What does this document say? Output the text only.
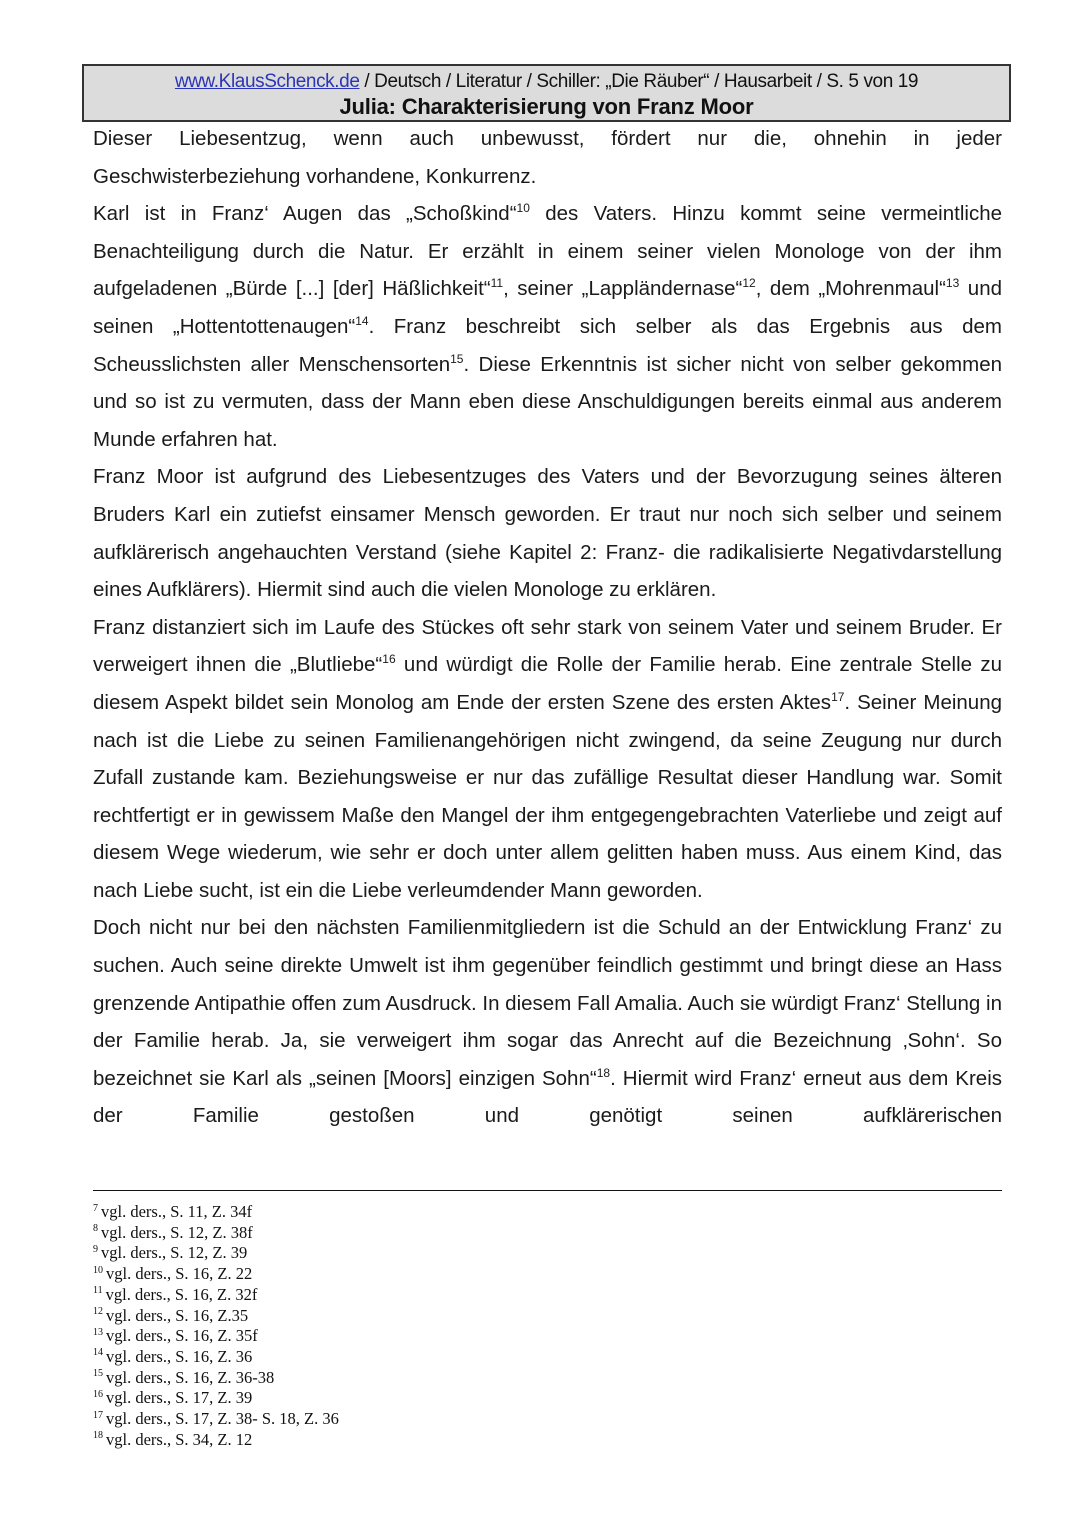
www.KlausSchenck.de / Deutsch / Literatur / Schiller: „Die Räuber“ / Hausarbeit / S. 5 von 19
Julia: Charakterisierung von Franz Moor

Dieser Liebesentzug, wenn auch unbewusst, fördert nur die, ohnehin in jeder Geschwisterbeziehung vorhandene, Konkurrenz.

Karl ist in Franz‘ Augen das „Schoßkind“$^{10}$ des Vaters. Hinzu kommt seine vermeintliche Benachteiligung durch die Natur. Er erzählt in einem seiner vielen Monologe von der ihm aufgeladenen „Bürde [...] [der] Häßlichkeit“$^{11}$, seiner „Lappländernase“$^{12}$, dem „Mohrenmaul“$^{13}$ und seinen „Hottentottenaugen“$^{14}$. Franz beschreibt sich selber als das Ergebnis aus dem Scheusslichsten aller Menschensorten$^{15}$. Diese Erkenntnis ist sicher nicht von selber gekommen und so ist zu vermuten, dass der Mann eben diese Anschuldigungen bereits einmal aus anderem Munde erfahren hat.

Franz Moor ist aufgrund des Liebesentzuges des Vaters und der Bevorzugung seines älteren Bruders Karl ein zutiefst einsamer Mensch geworden. Er traut nur noch sich selber und seinem aufklärerisch angehauchten Verstand (siehe Kapitel 2: Franz- die radikalisierte Negativdarstellung eines Aufklärers). Hiermit sind auch die vielen Monologe zu erklären.

Franz distanziert sich im Laufe des Stückes oft sehr stark von seinem Vater und seinem Bruder. Er verweigert ihnen die „Blutliebe“$^{16}$ und würdigt die Rolle der Familie herab. Eine zentrale Stelle zu diesem Aspekt bildet sein Monolog am Ende der ersten Szene des ersten Aktes$^{17}$. Seiner Meinung nach ist die Liebe zu seinen Familienangehörigen nicht zwingend, da seine Zeugung nur durch Zufall zustande kam. Beziehungsweise er nur das zufällige Resultat dieser Handlung war. Somit rechtfertigt er in gewissem Maße den Mangel der ihm entgegengebrachten Vaterliebe und zeigt auf diesem Wege wiederum, wie sehr er doch unter allem gelitten haben muss. Aus einem Kind, das nach Liebe sucht, ist ein die Liebe verleumdender Mann geworden.

Doch nicht nur bei den nächsten Familienmitgliedern ist die Schuld an der Entwicklung Franz‘ zu suchen. Auch seine direkte Umwelt ist ihm gegenüber feindlich gestimmt und bringt diese an Hass grenzende Antipathie offen zum Ausdruck. In diesem Fall Amalia. Auch sie würdigt Franz‘ Stellung in der Familie herab. Ja, sie verweigert ihm sogar das Anrecht auf die Bezeichnung ‚Sohn‘. So bezeichnet sie Karl als „seinen [Moors] einzigen Sohn“$^{18}$. Hiermit wird Franz‘ erneut aus dem Kreis der Familie gestoßen und genötigt seinen aufklärerischen

$^7$ vgl. ders., S. 11, Z. 34f
$^8$ vgl. ders., S. 12, Z. 38f
$^9$ vgl. ders., S. 12, Z. 39
$^{10}$ vgl. ders., S. 16, Z. 22
$^{11}$ vgl. ders., S. 16, Z. 32f
$^{12}$ vgl. ders., S. 16, Z.35
$^{13}$ vgl. ders., S. 16, Z. 35f
$^{14}$ vgl. ders., S. 16, Z. 36
$^{15}$ vgl. ders., S. 16, Z. 36-38
$^{16}$ vgl. ders., S. 17, Z. 39
$^{17}$ vgl. ders., S. 17, Z. 38- S. 18, Z. 36
$^{18}$ vgl. ders., S. 34, Z. 12
